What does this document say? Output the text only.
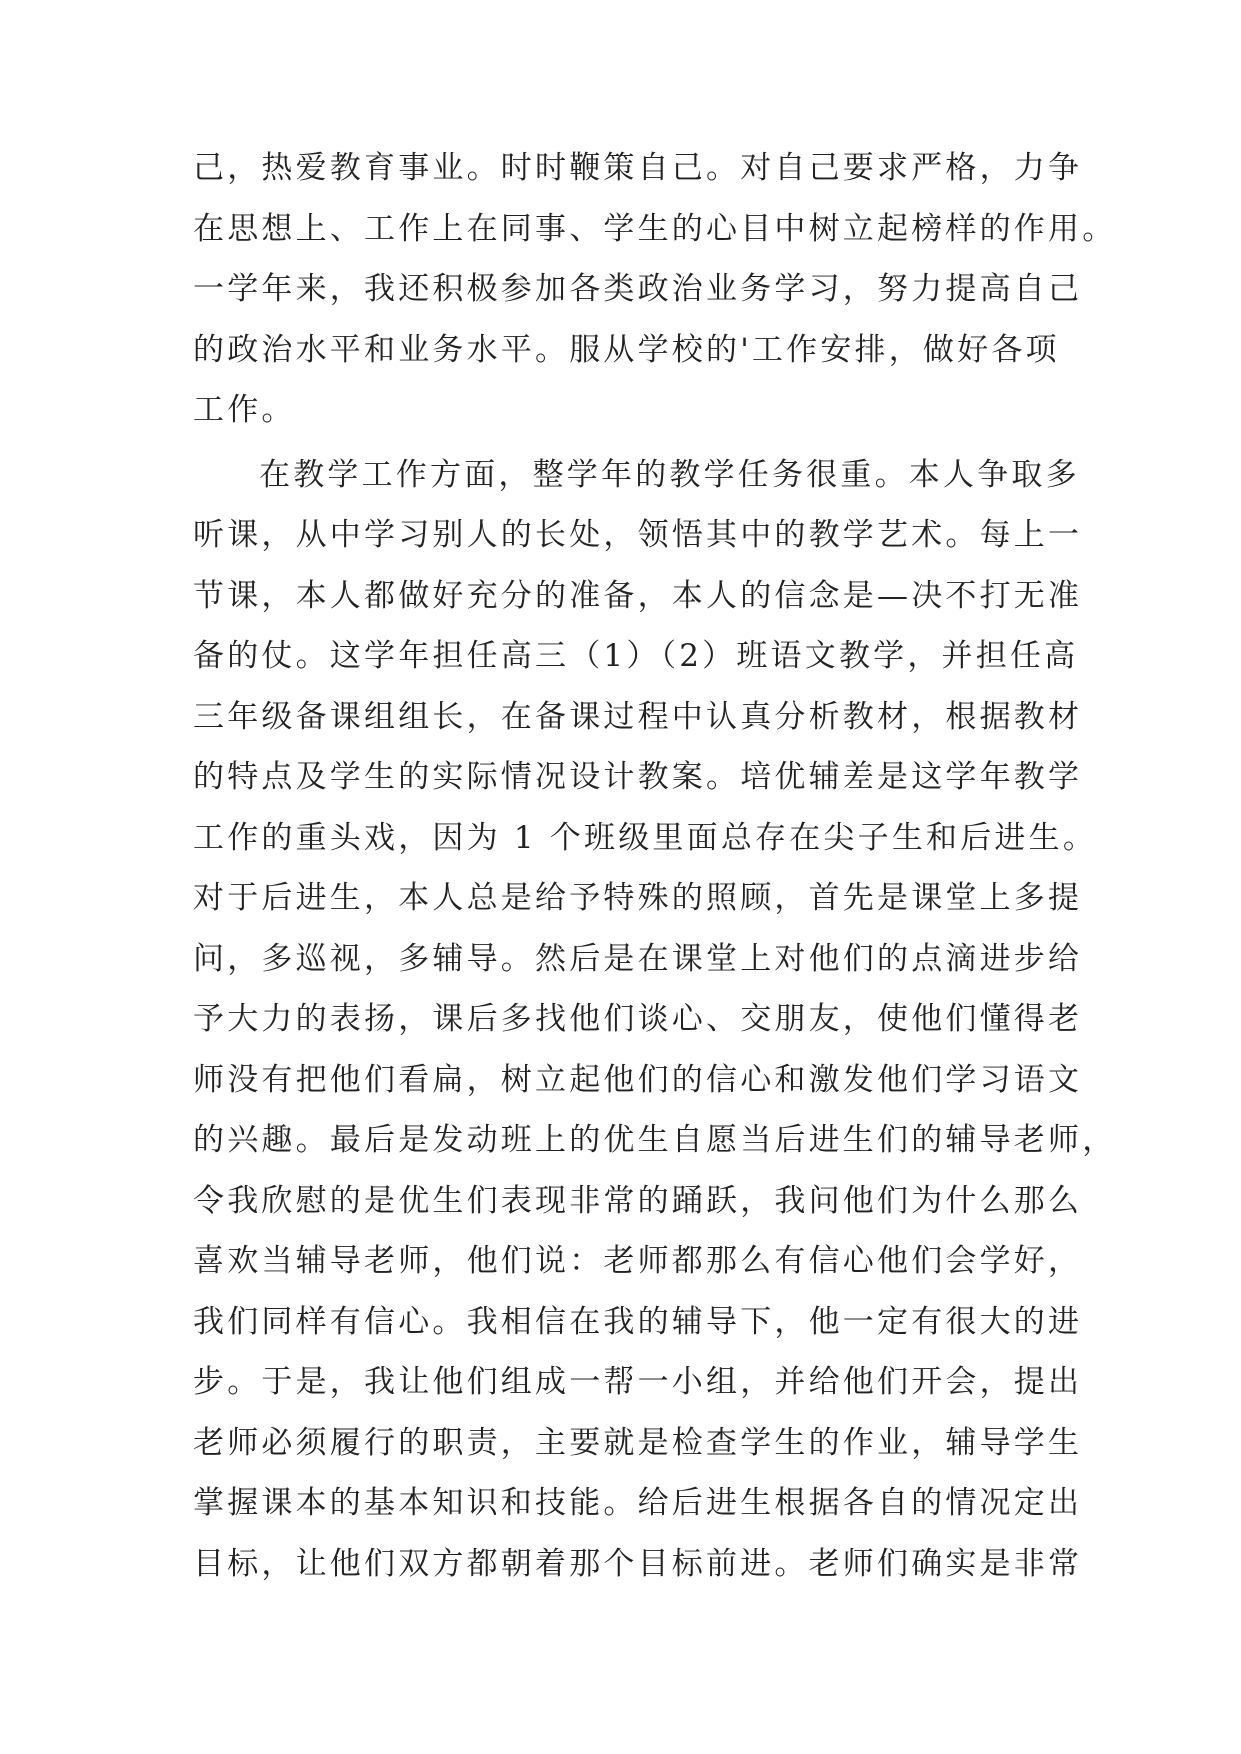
己，热爱教育事业。时时鞭策自己。对自己要求严格，力争
在思想上、工作上在同事、学生的心目中树立起榜样的作用。
一学年来，我还积极参加各类政治业务学习，努力提高自己
的政治水平和业务水平。服从学校的'工作安排，做好各项
工作。
在教学工作方面，整学年的教学任务很重。本人争取多
听课，从中学习别人的长处，领悟其中的教学艺术。每上一
节课，本人都做好充分的准备，本人的信念是—决不打无准
备的仗。这学年担任高三（1）（2）班语文教学，并担任高
三年级备课组组长，在备课过程中认真分析教材，根据教材
的特点及学生的实际情况设计教案。培优辅差是这学年教学
工作的重头戏，因为 1 个班级里面总存在尖子生和后进生。
对于后进生，本人总是给予特殊的照顾，首先是课堂上多提
问，多巡视，多辅导。然后是在课堂上对他们的点滴进步给
予大力的表扬，课后多找他们谈心、交朋友，使他们懂得老
师没有把他们看扁，树立起他们的信心和激发他们学习语文
的兴趣。最后是发动班上的优生自愿当后进生们的辅导老师，
令我欣慰的是优生们表现非常的踊跃，我问他们为什么那么
喜欢当辅导老师，他们说：老师都那么有信心他们会学好，
我们同样有信心。我相信在我的辅导下，他一定有很大的进
步。于是，我让他们组成一帮一小组，并给他们开会，提出
老师必须履行的职责，主要就是检查学生的作业，辅导学生
掌握课本的基本知识和技能。给后进生根据各自的情况定出
目标，让他们双方都朝着那个目标前进。老师们确实是非常
